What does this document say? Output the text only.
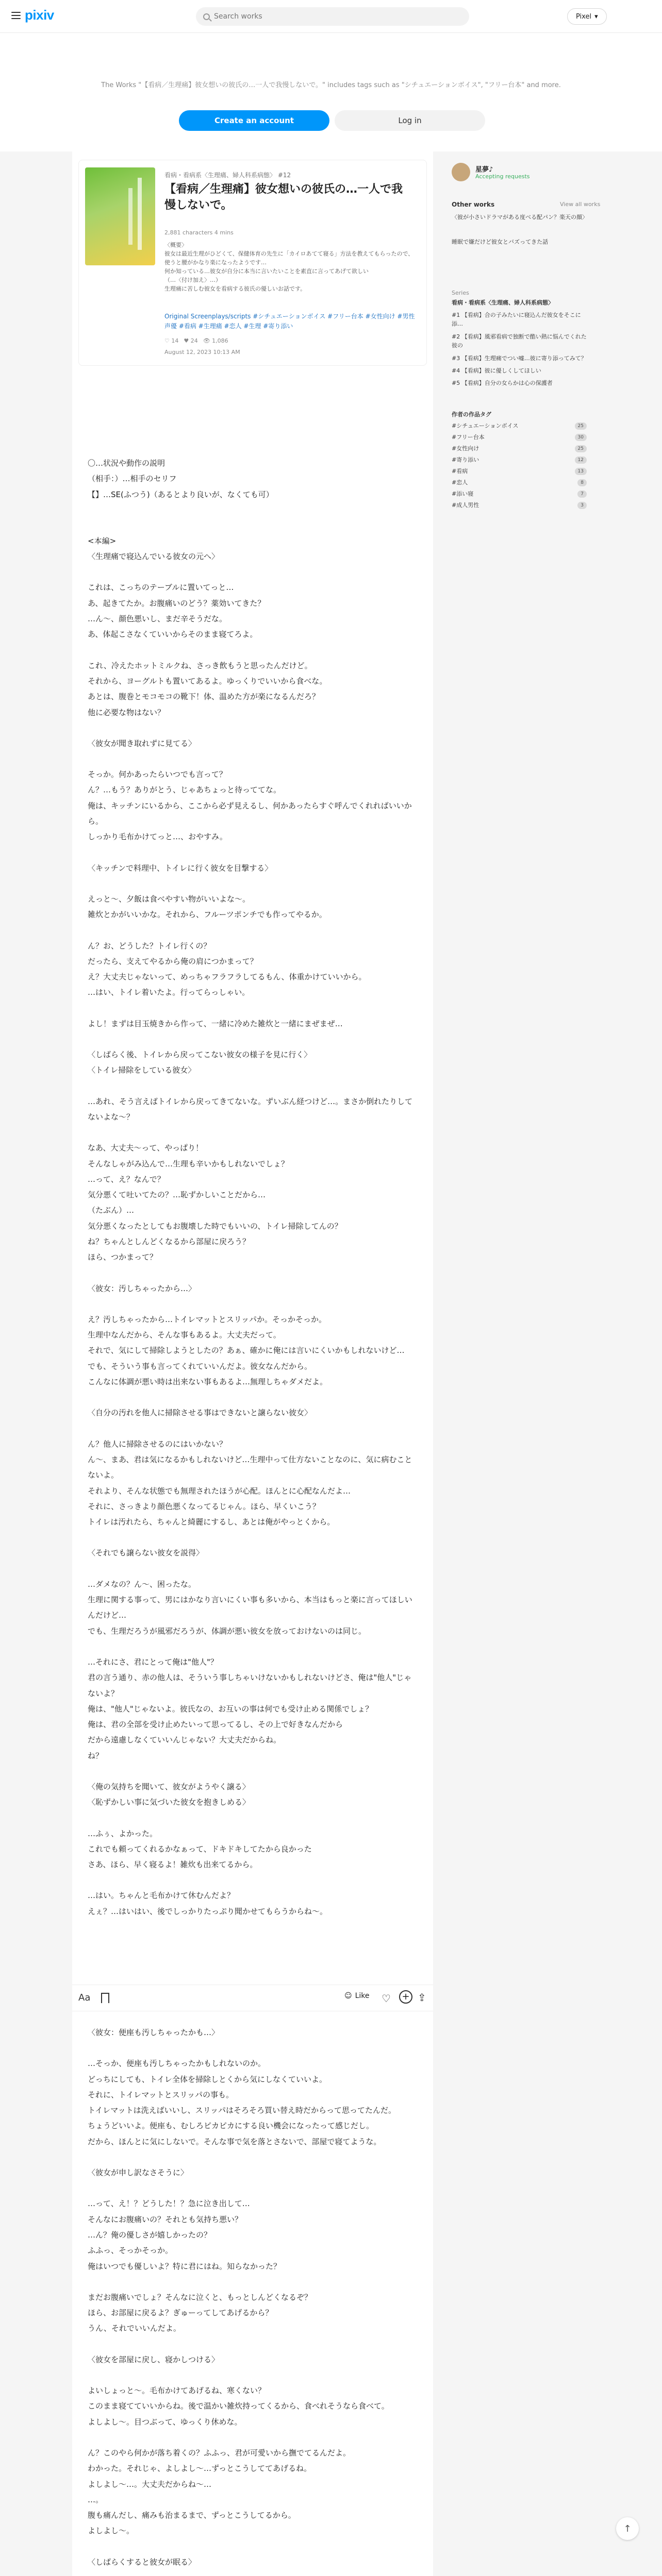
pixiv
Search works	Pixel ▾
The Works "【看病／生理痛】彼女想いの彼氏の…一人で我慢しないで。" includes tags such as "シチュエーションボイス", "フリー台本" and more.
Create an account	Log in
看病・看病系〈生理痛、婦人科系病態〉 #12
【看病／生理痛】彼女想いの彼氏の…一人で我慢しないで。
2,881 characters 4 mins
〈概要〉
彼女は最近生理がひどくて、保健体育の先生に「カイロあてて寝る」方法を教えてもらったので、使うと腰がかなり楽になったようです…
何か知っている…彼女が自分に本当に言いたいことを素直に言ってあげて欲しい
（…〈付け加え〉…）
生理痛に苦しむ彼女を看病する彼氏の優しいお話です。
Original Screenplays/scripts #シチュエーションボイス #フリー台本 #女性向け #男性声優 #看病 #生理痛 #恋人 #生理 #寄り添い
♡ 14 ♥ 24 👁 1,086
August 12, 2023 10:13 AM

〇…状況や動作の説明

（相手：）…相手のセリフ

【】…SE(ふつう)（あるとより良いが、なくても可）

<本編>

〈生理痛で寝込んでいる彼女の元へ〉

これは、こっちのテーブルに置いてっと…

あ、起きてたか。お腹痛いのどう？薬効いてきた？

…ん～、顔色悪いし、まだ辛そうだな。

あ、体起こさなくていいからそのまま寝てろよ。

これ、冷えたホットミルクね、さっき飲もうと思ったんだけど。

それから、ヨーグルトも置いてあるよ。ゆっくりでいいから食べな。

あとは、腹巻とモコモコの靴下！体、温めた方が楽になるんだろ？

他に必要な物はない？

〈彼女が聞き取れずに見てる〉

そっか。何かあったらいつでも言って？

ん？…もう？ありがとう、じゃあちょっと待っててな。

俺は、キッチンにいるから、ここから必ず見えるし、何かあったらすぐ呼んでくれればいいから。

しっかり毛布かけてっと…、おやすみ。

〈キッチンで料理中、トイレに行く彼女を目撃する〉

えっと～、夕飯は食べやすい物がいいよな～。

雑炊とかがいいかな。それから、フルーツポンチでも作ってやるか。

ん？お、どうした？トイレ行くの？

だったら、支えてやるから俺の肩につかまって？

え？大丈夫じゃないって、めっちゃフラフラしてるもん、体重かけていいから。

…はい、トイレ着いたよ。行ってらっしゃい。

よし！まずは目玉焼きから作って、一緒に冷めた雑炊と一緒にまぜまぜ…

〈しばらく後、トイレから戻ってこない彼女の様子を見に行く〉

〈トイレ掃除をしている彼女〉

…あれ、そう言えばトイレから戻ってきてないな。ずいぶん経つけど…。まさか倒れたりしてないよな～？

なあ、大丈夫～って、やっぱり！

そんなしゃがみ込んで…生理も辛いかもしれないでしょ？

…って、え？なんで？

気分悪くて吐いてたの？…恥ずかしいことだから…

（たぶん）…

気分悪くなったとしてもお腹壊した時でもいいの、トイレ掃除してんの？

ね？ちゃんとしんどくなるから部屋に戻ろう？

ほら、つかまって？

〈彼女：汚しちゃったから…〉

え？汚しちゃったから…トイレマットとスリッパか。そっかそっか。

生理中なんだから、そんな事もあるよ。大丈夫だって。

それで、気にして掃除しようとしたの？あぁ、確かに俺には言いにくいかもしれないけど…

でも、そういう事も言ってくれていいんだよ。彼女なんだから。

こんなに体調が悪い時は出来ない事もあるよ…無理しちゃダメだよ。

〈自分の汚れを他人に掃除させる事はできないと譲らない彼女〉

ん？他人に掃除させるのにはいかない？

ん～、まあ、君は気になるかもしれないけど…生理中って仕方ないことなのに、気に病むことないよ。

それより、そんな状態でも無理されたほうが心配。ほんとに心配なんだよ…

それに、さっきより顔色悪くなってるじゃん。ほら、早くいこう？

トイレは汚れたら、ちゃんと綺麗にするし、あとは俺がやっとくから。

〈それでも譲らない彼女を説得〉

…ダメなの？ん～、困ったな。

生理に関する事って、男にはかなり言いにくい事も多いから、本当はもっと楽に言ってほしいんだけど…

でも、生理だろうが風邪だろうが、体調が悪い彼女を放っておけないのは同じ。

…それにさ、君にとって俺は"他人"？

君の言う通り、赤の他人は、そういう事しちゃいけないかもしれないけどさ、俺は"他人"じゃないよ？

俺は、"他人"じゃないよ。彼氏なの、お互いの事は何でも受け止める関係でしょ？

俺は、君の全部を受け止めたいって思ってるし、その上で好きなんだから

だから遠慮しなくていいんじゃない？大丈夫だからね。

ね？

〈俺の気持ちを聞いて、彼女がようやく譲る〉

〈恥ずかしい事に気づいた彼女を抱きしめる〉

…ふぅ、よかった。

これでも頼ってくれるかなぁって、ドキドキしてたから良かった

さあ、ほら、早く寝るよ！雑炊も出来てるから。

…はい。ちゃんと毛布かけて休むんだよ？

えぇ？…はいはい、後でしっかりたっぷり聞かせてもらうからね～。

Aa	☺ Like ♡	+ ⇪

〈彼女：便座も汚しちゃったかも…〉

…そっか、便座も汚しちゃったかもしれないのか。

どっちにしても、トイレ全体を掃除しとくから気にしなくていいよ。

それに、トイレマットとスリッパの事も。

トイレマットは洗えばいいし、スリッパはそろそろ買い替え時だからって思ってたんだ。

ちょうどいいよ。便座も、むしろピカピカにする良い機会になったって感じだし。

だから、ほんとに気にしないで。そんな事で気を落とさないで、部屋で寝てような。

〈彼女が申し訳なさそうに〉

…って、え！？どうした！？急に泣き出して…

そんなにお腹痛いの？それとも気持ち悪い？

…ん？俺の優しさが嬉しかったの？

ふふっ、そっかそっか。

俺はいつでも優しいよ？特に君にはね。知らなかった？

まだお腹痛いでしょ？そんなに泣くと、もっとしんどくなるぞ？

ほら、お部屋に戻るよ？ぎゅーってしてあげるから？

うん、それでいいんだよ。

〈彼女を部屋に戻し、寝かしつける〉

よいしょっと～。毛布かけてあげるね、寒くない？

このまま寝てていいからね。後で温かい雑炊持ってくるから、食べれそうなら食べて。

よしよし～。目つぶって、ゆっくり休めな。

ん？このやら何かが落ち着くの？ふふっ、君が可愛いから撫でてるんだよ。

わかった。それじゃ、よしよし～…ずっとこうしててあげるね。

よしよし～…。大丈夫だからね～…

…。

腹も痛んだし、痛みも治まるまで、ずっとこうしてるから。

よしよし～。

〈しばらくすると彼女が眠る〉

星夢♪
Accepting requests
Other works	View all works
〈彼が小さいドラマがある度べる配パン？楽天の顔〉
睡眠で嫌だけど彼女とバズってきた話
Series
看病・看病系〈生理痛、婦人科系病態〉
#1 【看病】合の子みたいに寝込んだ彼女をそこに添…
#2 【看病】風邪看病で独断で酷い熱に悩んでくれた彼の
#3 【看病】生理痛でつい嘘…彼に寄り添ってみて？
#4 【看病】彼に優しくしてほしい
#5 【看病】自分の女らかは心の保護者
作者の作品タグ
#シチュエーションボイス	25
#フリー台本	30
#女性向け	25
#寄り添い	12
#看病	13
#恋人	8
#添い寝	7
#成人男性	3
↑
